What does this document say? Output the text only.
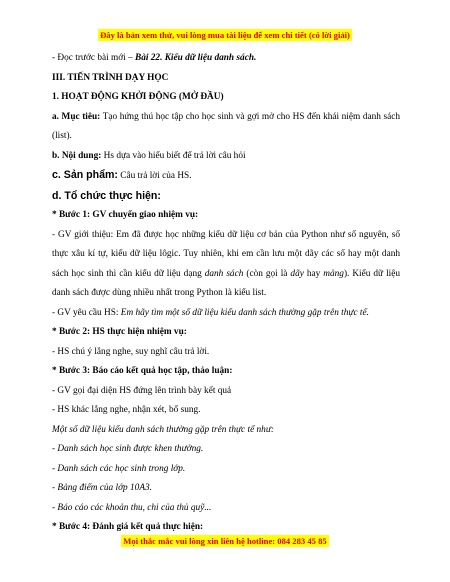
Đây là bản xem thử, vui lòng mua tài liệu để xem chi tiết (có lời giải)

- Đọc trước bài mới – Bài 22. Kiểu dữ liệu danh sách.

III. TIẾN TRÌNH DẠY HỌC

1. HOẠT ĐỘNG KHỞI ĐỘNG (MỞ ĐẦU)

a. Mục tiêu: Tạo hứng thú học tập cho học sinh và gợi mở cho HS đến khái niệm danh sách (list).

b. Nội dung: Hs dựa vào hiểu biết để trả lời câu hỏi

c. Sản phẩm: Câu trả lời của HS.

d. Tổ chức thực hiện:

* Bước 1: GV chuyển giao nhiệm vụ:

- GV giới thiệu: Em đã được học những kiểu dữ liệu cơ bản của Python như số nguyên, số thực xâu kí tự, kiểu dữ liệu lôgic. Tuy nhiên, khi em cần lưu một dãy các số hay một danh sách học sinh thì cần kiểu dữ liệu dạng danh sách (còn gọi là dãy hay mảng). Kiểu dữ liệu danh sách được dùng nhiều nhất trong Python là kiểu list.

- GV yêu cầu HS: Em hãy tìm một số dữ liệu kiểu danh sách thường gặp trên thực tế.

* Bước 2: HS thực hiện nhiệm vụ:

- HS chú ý lắng nghe, suy nghĩ câu trả lời.

* Bước 3: Báo cáo kết quả học tập, thảo luận:

- GV gọi đại diện HS đứng lên trình bày kết quả

- HS khác lắng nghe, nhận xét, bổ sung.

Một số dữ liệu kiểu danh sách thường gặp trên thực tế như:

- Danh sách học sinh được khen thưởng.

- Danh sách các học sinh trong lớp.

- Bảng điểm của lớp 10A3.

- Báo cáo các khoản thu, chi của thủ quỹ...

* Bước 4: Đánh giá kết quả thực hiện:

Mọi thắc mắc vui lòng xin liên hệ hotline: 084 283 45 85
